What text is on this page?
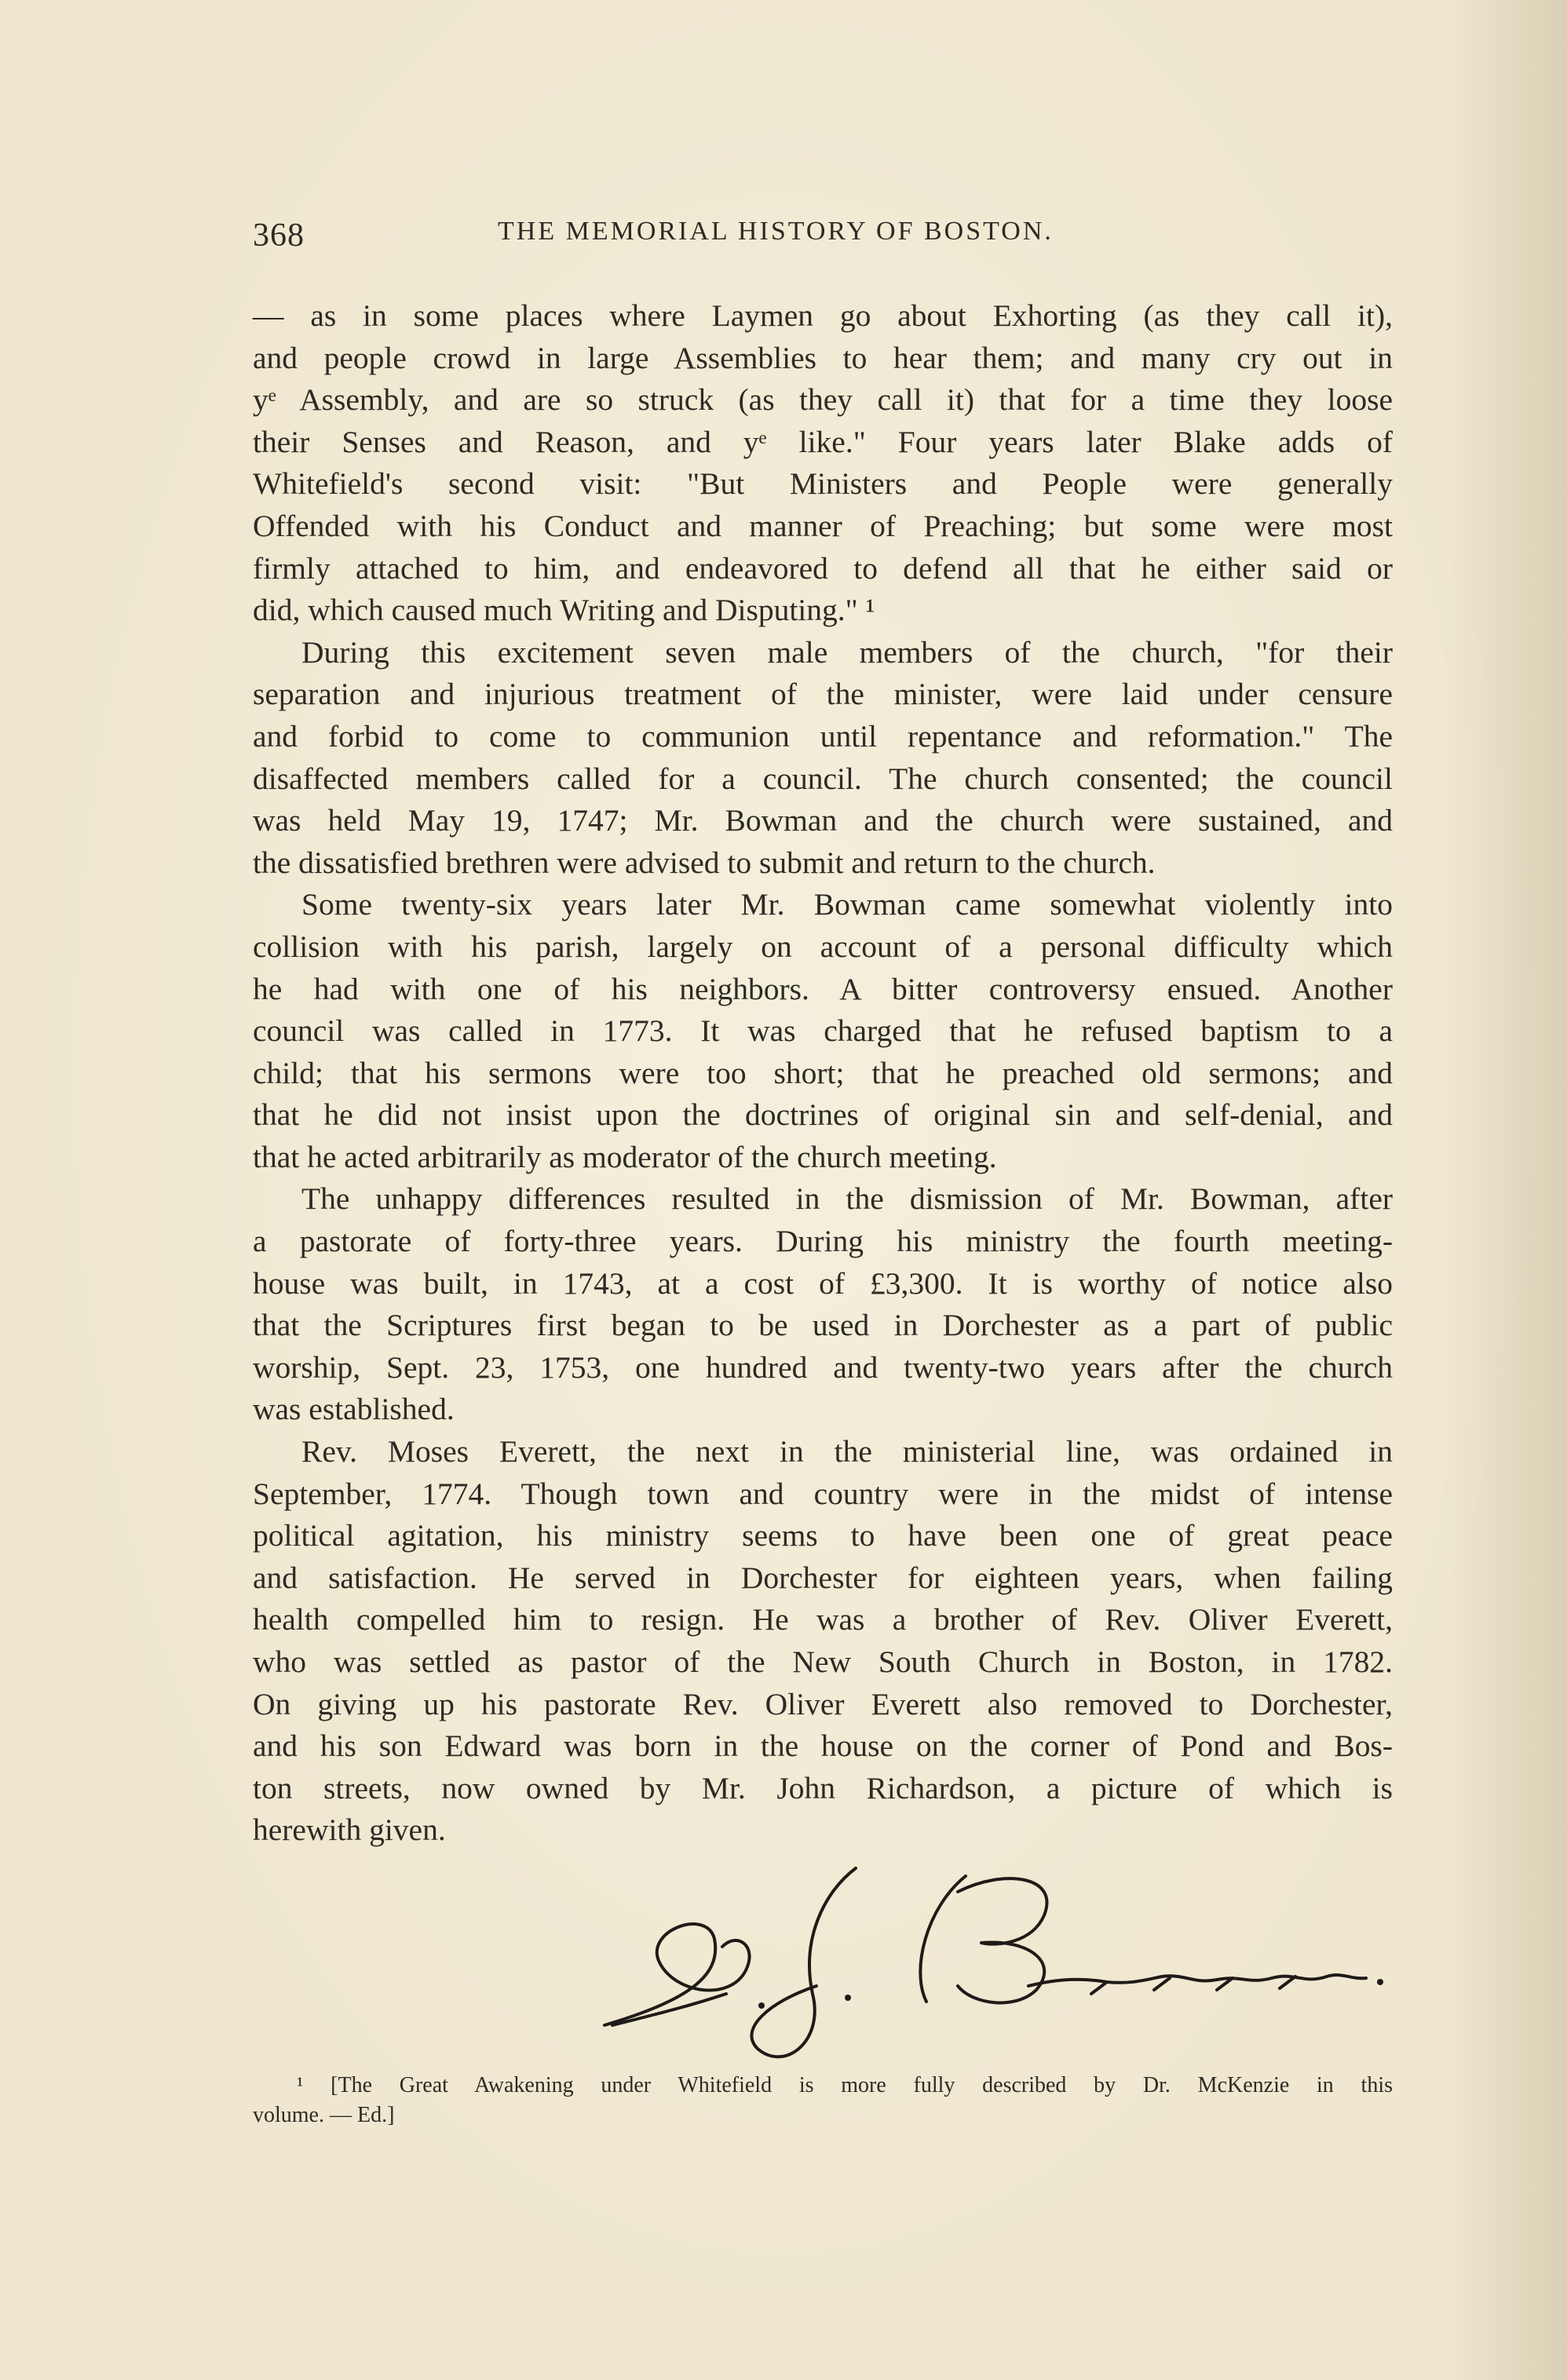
368	THE MEMORIAL HISTORY OF BOSTON.
— as in some places where Laymen go about Exhorting (as they call it),
and people crowd in large Assemblies to hear them; and many cry out in
yᵉ Assembly, and are so struck (as they call it) that for a time they loose
their Senses and Reason, and yᵉ like." Four years later Blake adds of
Whitefield's second visit: "But Ministers and People were generally
Offended with his Conduct and manner of Preaching; but some were most
firmly attached to him, and endeavored to defend all that he either said or
did, which caused much Writing and Disputing." ¹
During this excitement seven male members of the church, "for their
separation and injurious treatment of the minister, were laid under censure
and forbid to come to communion until repentance and reformation." The
disaffected members called for a council. The church consented; the council
was held May 19, 1747; Mr. Bowman and the church were sustained, and
the dissatisfied brethren were advised to submit and return to the church.
Some twenty-six years later Mr. Bowman came somewhat violently into
collision with his parish, largely on account of a personal difficulty which
he had with one of his neighbors. A bitter controversy ensued. Another
council was called in 1773. It was charged that he refused baptism to a
child; that his sermons were too short; that he preached old sermons; and
that he did not insist upon the doctrines of original sin and self-denial, and
that he acted arbitrarily as moderator of the church meeting.
The unhappy differences resulted in the dismission of Mr. Bowman, after
a pastorate of forty-three years. During his ministry the fourth meeting-
house was built, in 1743, at a cost of £3,300. It is worthy of notice also
that the Scriptures first began to be used in Dorchester as a part of public
worship, Sept. 23, 1753, one hundred and twenty-two years after the church
was established.
Rev. Moses Everett, the next in the ministerial line, was ordained in
September, 1774. Though town and country were in the midst of intense
political agitation, his ministry seems to have been one of great peace
and satisfaction. He served in Dorchester for eighteen years, when failing
health compelled him to resign. He was a brother of Rev. Oliver Everett,
who was settled as pastor of the New South Church in Boston, in 1782.
On giving up his pastorate Rev. Oliver Everett also removed to Dorchester,
and his son Edward was born in the house on the corner of Pond and Bos-
ton streets, now owned by Mr. John Richardson, a picture of which is
herewith given.
¹ [The Great Awakening under Whitefield is more fully described by Dr. McKenzie in this
volume. — Ed.]
